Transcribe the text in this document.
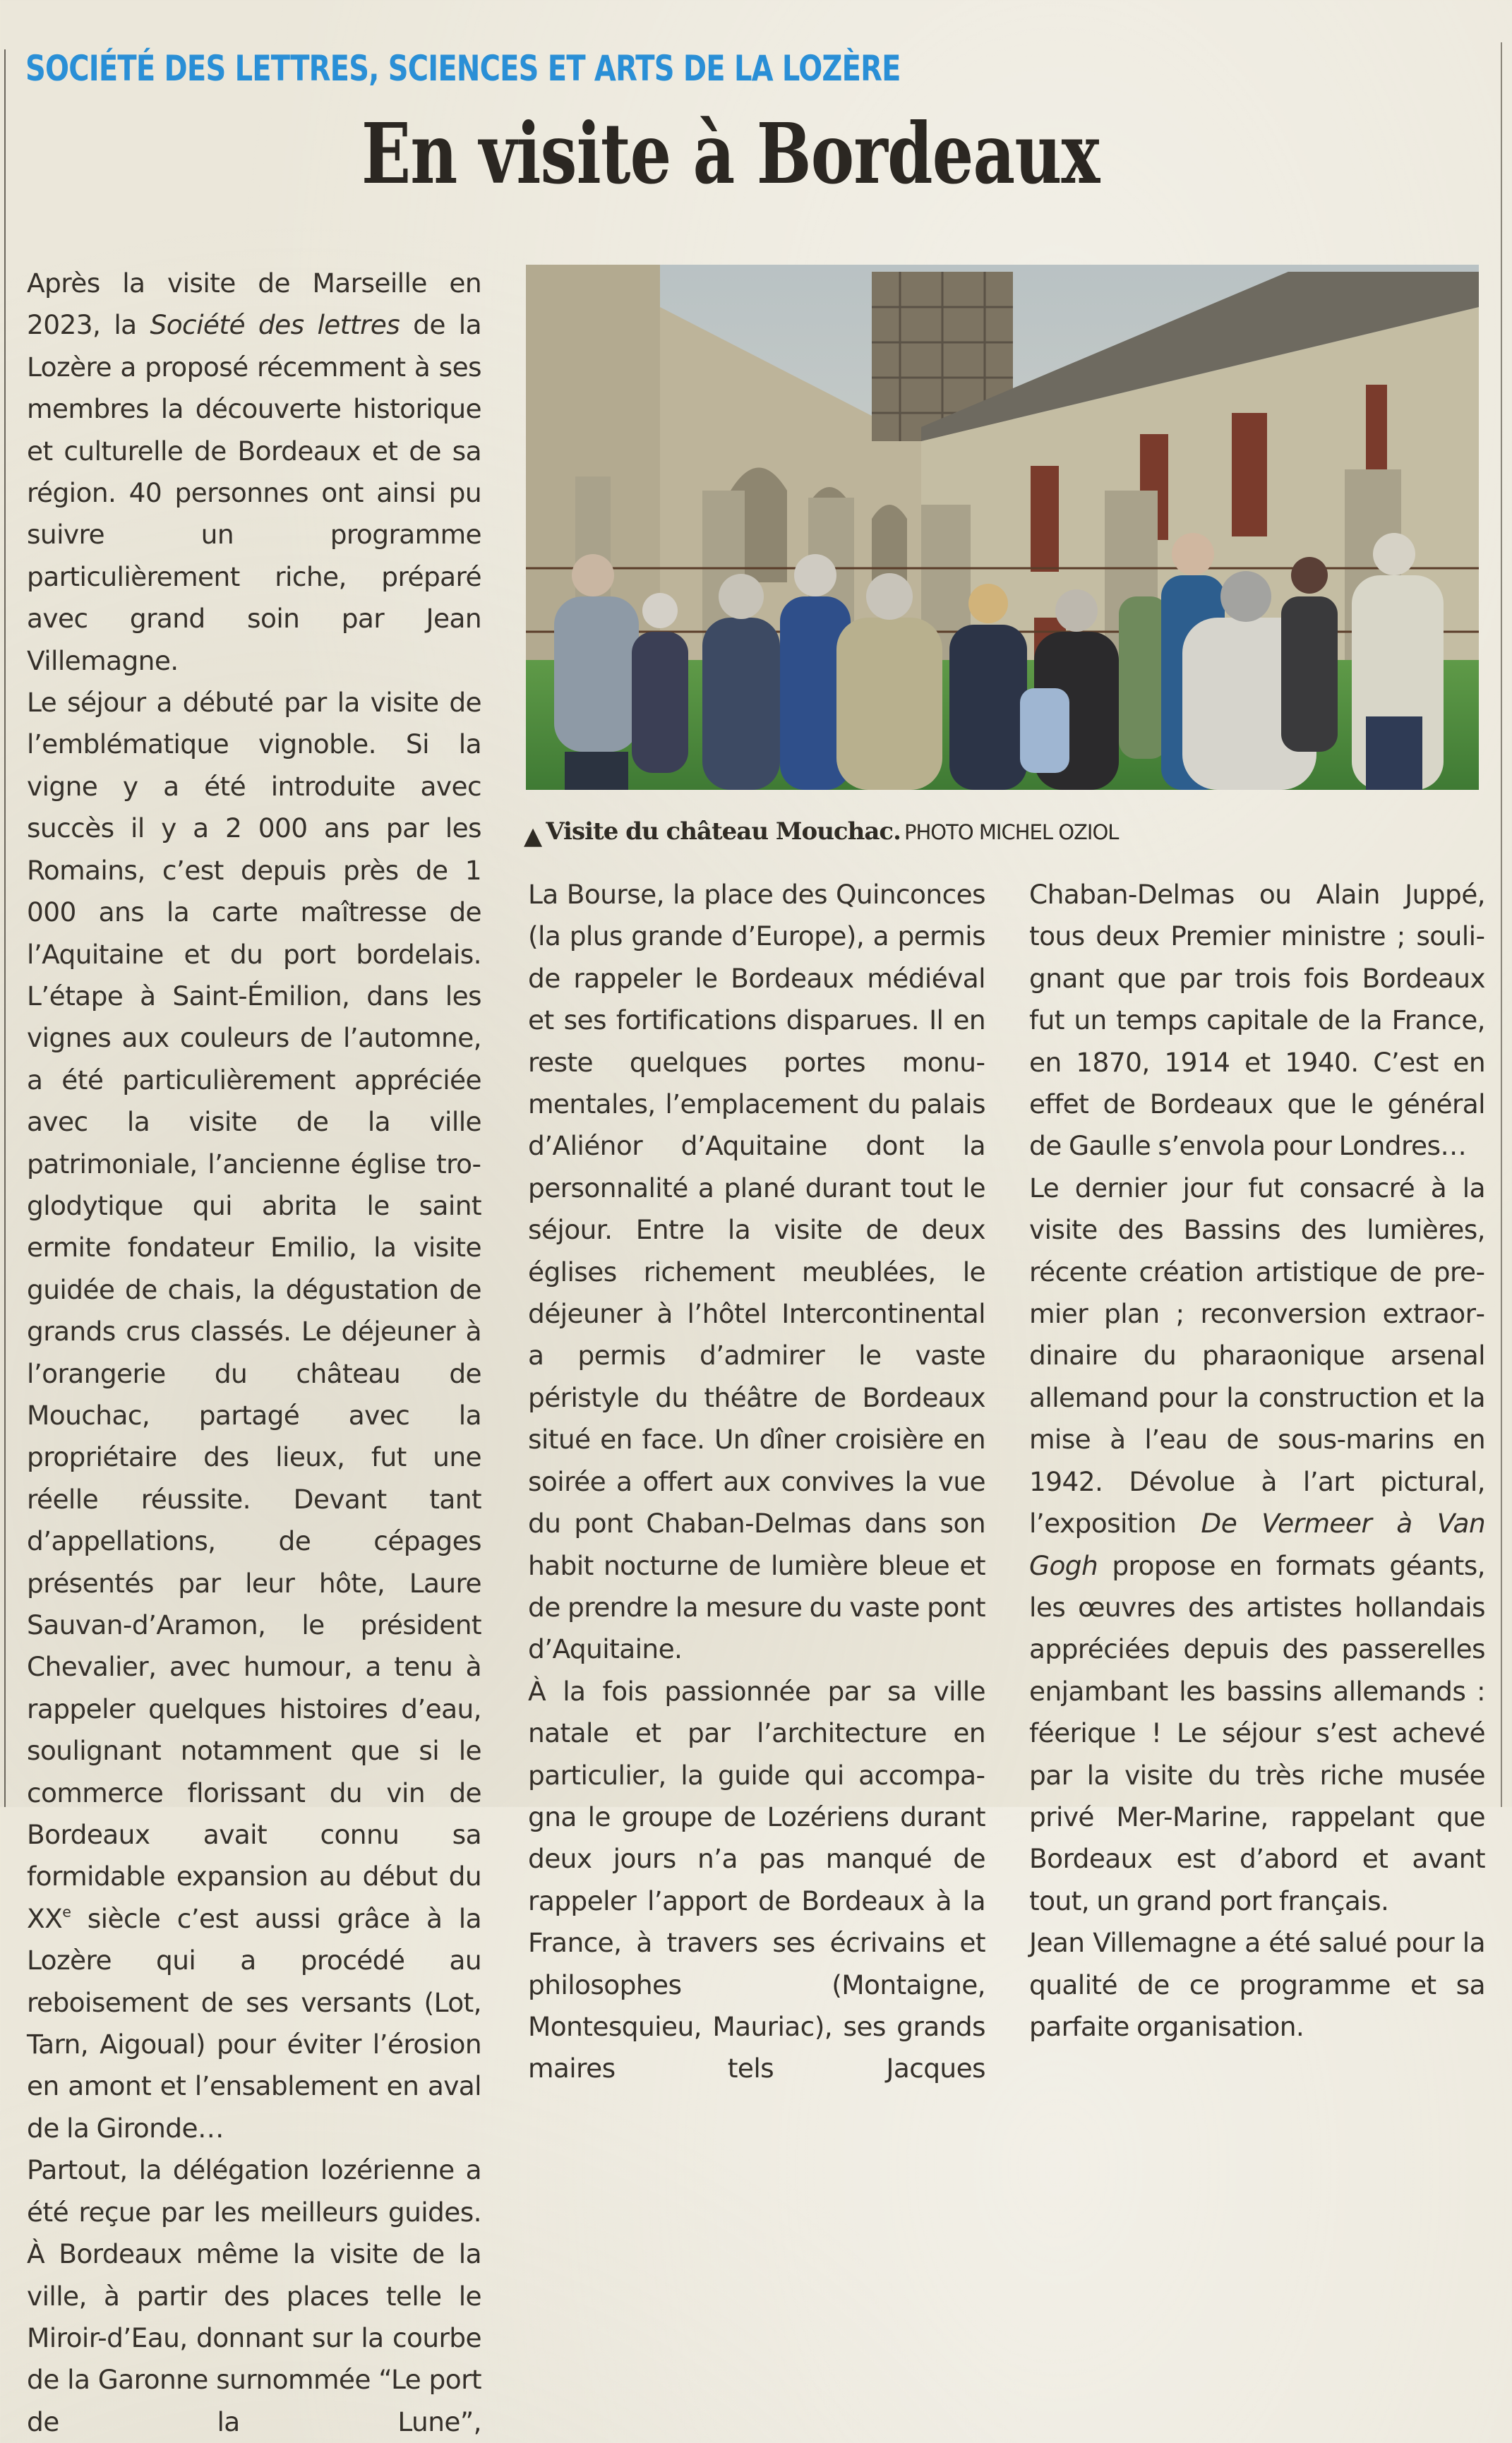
SOCIÉTÉ DES LETTRES, SCIENCES ET ARTS DE LA LOZÈRE
En visite à Bordeaux

Après la visite de Marseille en 2023, la Société des lettres de la Lozère a proposé récemment à ses membres la découverte historique et culturelle de Bordeaux et de sa région. 40 personnes ont ainsi pu suivre un programme particulièrement riche, préparé avec grand soin par Jean Villemagne.

Le séjour a débuté par la visite de l’emblématique vignoble. Si la vigne y a été introduite avec succès il y a 2 000 ans par les Romains, c’est depuis près de 1 000 ans la carte maîtresse de l’Aquitaine et du port bordelais. L’étape à Saint-Émilion, dans les vignes aux couleurs de l’automne, a été particulièrement appréciée avec la visite de la ville patrimoniale, l’ancienne église troglodytique qui abrita le saint ermite fondateur Emilio, la visite guidée de chais, la dégustation de grands crus classés. Le déjeuner à l’orangerie du château de Mouchac, partagé avec la propriétaire des lieux, fut une réelle réussite. Devant tant d’appellations, de cépages présentés par leur hôte, Laure Sauvan-d’Aramon, le président Chevalier, avec humour, a tenu à rappeler quelques histoires d’eau, soulignant notamment que si le commerce florissant du vin de Bordeaux avait connu sa formidable expansion au début du XXe siècle c’est aussi grâce à la Lozère qui a procédé au reboisement de ses versants (Lot, Tarn, Aigoual) pour éviter l’érosion en amont et l’ensablement en aval de la Gironde…

Partout, la délégation lozérienne a été reçue par les meilleurs guides. À Bordeaux même la visite de la ville, à partir des places telle le Miroir-d’Eau, donnant sur la courbe de la Garonne surnommée “Le port de la Lune”,

▲ Visite du château Mouchac. PHOTO MICHEL OZIOL

La Bourse, la place des Quinconces (la plus grande d’Europe), a permis de rappeler le Bordeaux médiéval et ses fortifications disparues. Il en reste quelques portes monumentales, l’emplacement du palais d’Aliénor d’Aquitaine dont la personnalité a plané durant tout le séjour. Entre la visite de deux églises richement meublées, le déjeuner à l’hôtel Intercontinental a permis d’admirer le vaste péristyle du théâtre de Bordeaux situé en face. Un dîner croisière en soirée a offert aux convives la vue du pont Chaban-Delmas dans son habit nocturne de lumière bleue et de prendre la mesure du vaste pont d’Aquitaine.

À la fois passionnée par sa ville natale et par l’architecture en particulier, la guide qui accompagna le groupe de Lozériens durant deux jours n’a pas manqué de rappeler l’apport de Bordeaux à la France, à travers ses écrivains et philosophes (Montaigne, Montesquieu, Mauriac), ses grands maires tels Jacques

Chaban-Delmas ou Alain Juppé, tous deux Premier ministre ; soulignant que par trois fois Bordeaux fut un temps capitale de la France, en 1870, 1914 et 1940. C’est en effet de Bordeaux que le général de Gaulle s’envola pour Londres…

Le dernier jour fut consacré à la visite des Bassins des lumières, récente création artistique de premier plan ; reconversion extraordinaire du pharaonique arsenal allemand pour la construction et la mise à l’eau de sous-marins en 1942. Dévolue à l’art pictural, l’exposition De Vermeer à Van Gogh propose en formats géants, les œuvres des artistes hollandais appréciées depuis des passerelles enjambant les bassins allemands : féerique ! Le séjour s’est achevé par la visite du très riche musée privé Mer-Marine, rappelant que Bordeaux est d’abord et avant tout, un grand port français.

Jean Villemagne a été salué pour la qualité de ce programme et sa parfaite organisation.
